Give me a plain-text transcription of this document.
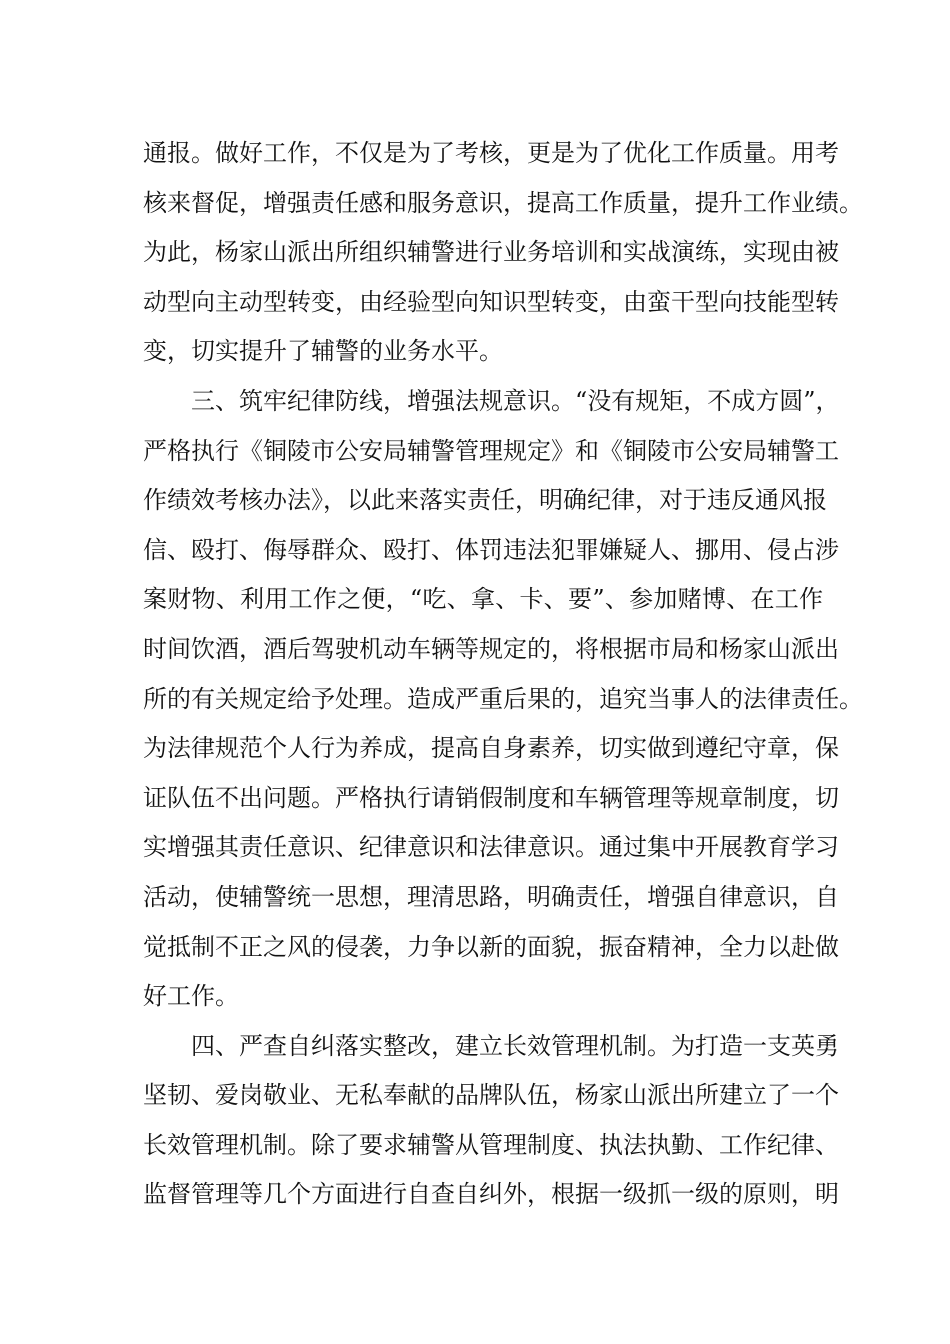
通报。做好工作，不仅是为了考核，更是为了优化工作质量。用考
核来督促，增强责任感和服务意识，提高工作质量，提升工作业绩。
为此，杨家山派出所组织辅警进行业务培训和实战演练，实现由被
动型向主动型转变，由经验型向知识型转变，由蛮干型向技能型转
变，切实提升了辅警的业务水平。
三、筑牢纪律防线，增强法规意识。“没有规矩，不成方圆”，
严格执行《铜陵市公安局辅警管理规定》和《铜陵市公安局辅警工
作绩效考核办法》，以此来落实责任，明确纪律，对于违反通风报
信、殴打、侮辱群众、殴打、体罚违法犯罪嫌疑人、挪用、侵占涉
案财物、利用工作之便，“吃、拿、卡、要”、参加赌博、在工作
时间饮酒，酒后驾驶机动车辆等规定的，将根据市局和杨家山派出
所的有关规定给予处理。造成严重后果的，追究当事人的法律责任。
为法律规范个人行为养成，提高自身素养，切实做到遵纪守章，保
证队伍不出问题。严格执行请销假制度和车辆管理等规章制度，切
实增强其责任意识、纪律意识和法律意识。通过集中开展教育学习
活动，使辅警统一思想，理清思路，明确责任，增强自律意识，自
觉抵制不正之风的侵袭，力争以新的面貌，振奋精神，全力以赴做
好工作。
四、严查自纠落实整改，建立长效管理机制。为打造一支英勇
坚韧、爱岗敬业、无私奉献的品牌队伍，杨家山派出所建立了一个
长效管理机制。除了要求辅警从管理制度、执法执勤、工作纪律、
监督管理等几个方面进行自查自纠外，根据一级抓一级的原则，明
